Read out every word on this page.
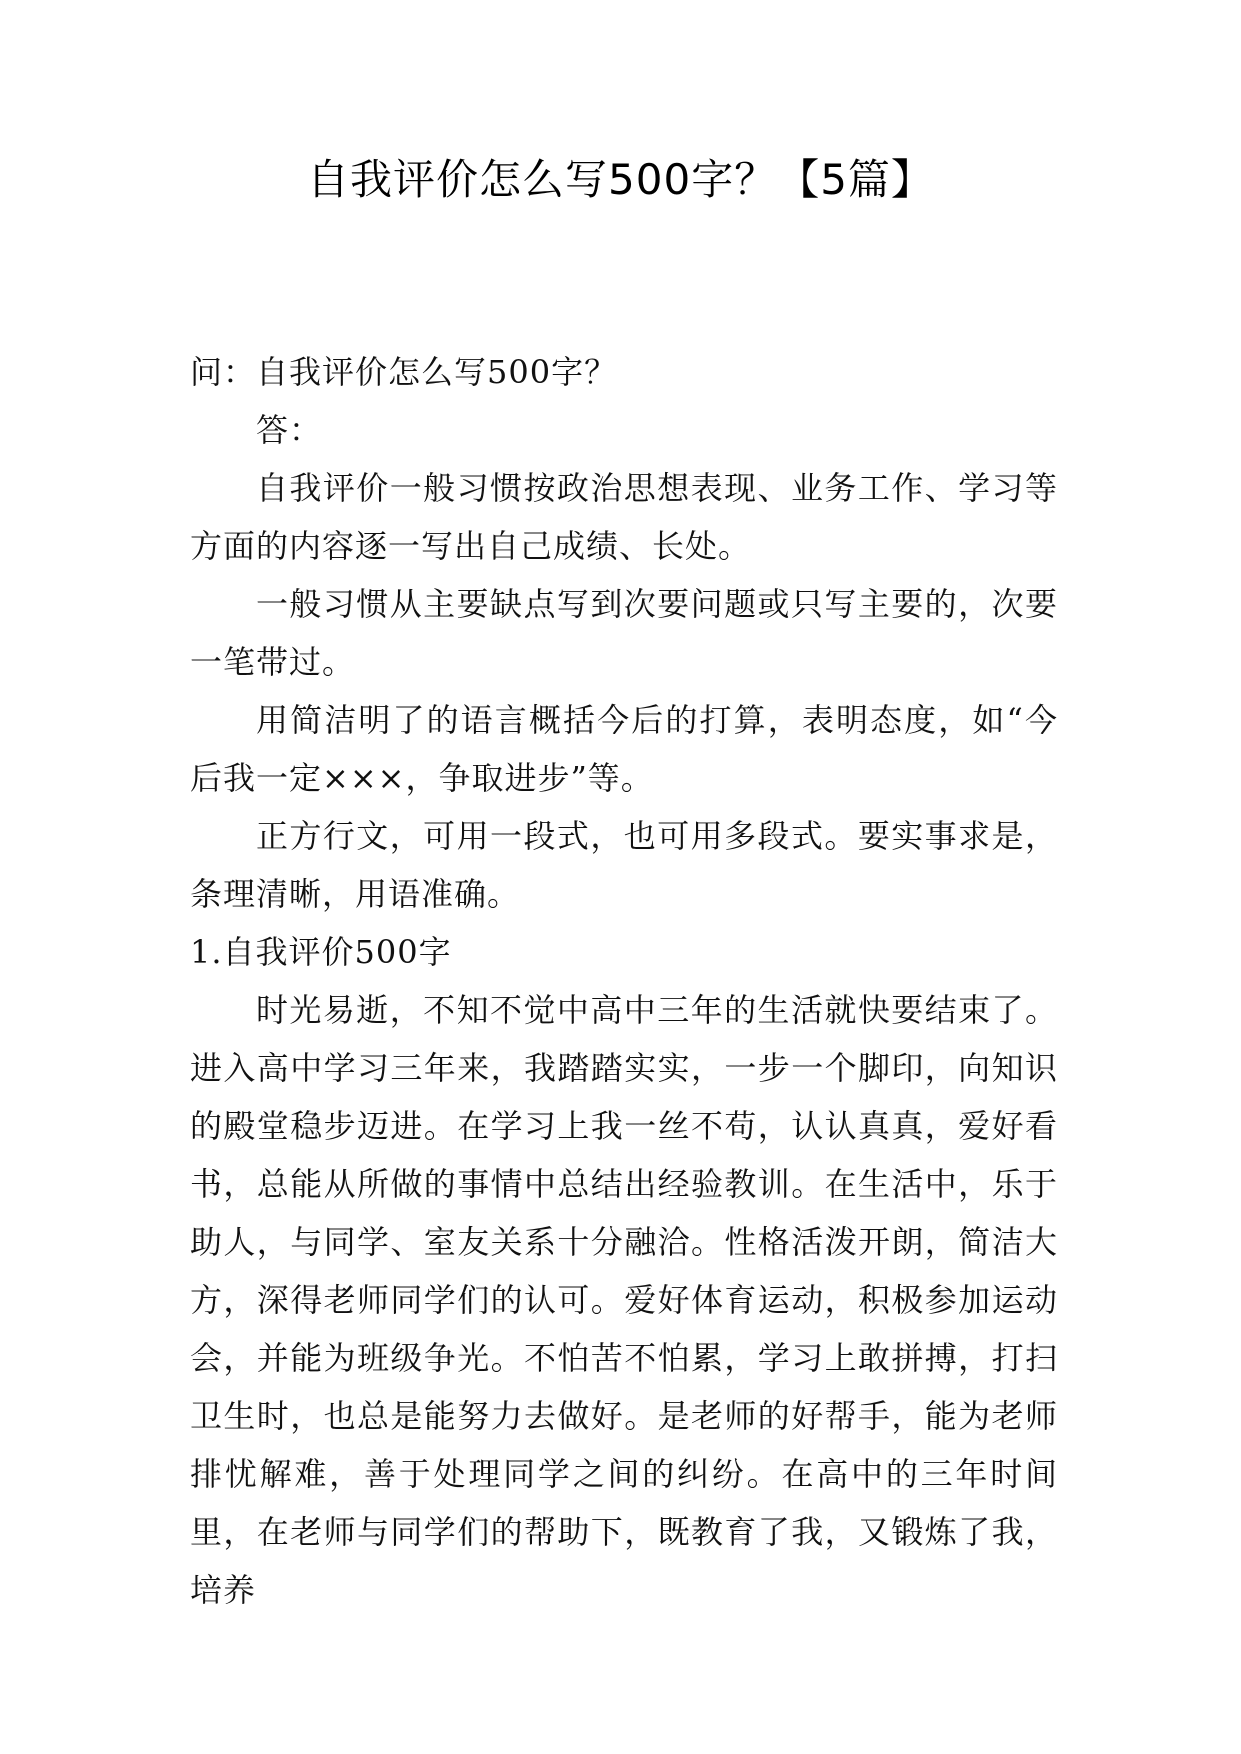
自我评价怎么写500字？【5篇】

问：自我评价怎么写500字？

答：

自我评价一般习惯按政治思想表现、业务工作、学习等方面的内容逐一写出自己成绩、长处。

一般习惯从主要缺点写到次要问题或只写主要的，次要一笔带过。

用简洁明了的语言概括今后的打算，表明态度，如“今后我一定×××，争取进步”等。

正方行文，可用一段式，也可用多段式。要实事求是，条理清晰，用语准确。

1.自我评价500字

时光易逝，不知不觉中高中三年的生活就快要结束了。进入高中学习三年来，我踏踏实实，一步一个脚印，向知识的殿堂稳步迈进。在学习上我一丝不苟，认认真真，爱好看书，总能从所做的事情中总结出经验教训。在生活中，乐于助人，与同学、室友关系十分融洽。性格活泼开朗，简洁大方，深得老师同学们的认可。爱好体育运动，积极参加运动会，并能为班级争光。不怕苦不怕累，学习上敢拼搏，打扫卫生时，也总是能努力去做好。是老师的好帮手，能为老师排忧解难，善于处理同学之间的纠纷。在高中的三年时间里，在老师与同学们的帮助下，既教育了我，又锻炼了我，培养
